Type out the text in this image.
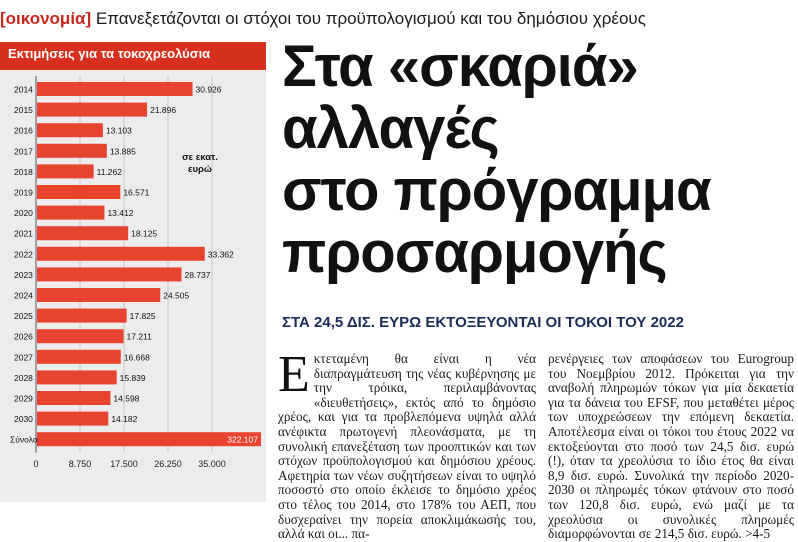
[οικονομία] Επανεξετάζονται οι στόχοι του προϋπολογισμού και του δημόσιου χρέους
0	8.750 17.500 26.250 35.000
2014	30.926
2015	21.896
2016	13.103
2017	13.885
2018	11.262
2019	16.571
2020	13.412
2021	18.125
2022	33.362
2023	28.737
2024	24.505
2025	17.825
2026	17.211
2027	16.668
2028	15.839
2029	14.598
2030	14.182
Σύνολο	322.107
σε εκατ.
ευρώ
Εκτιμήσεις για τα τοκοχρεολύσια Στα «σκαριά»
αλλαγές
στο πρόγραμμα
προσαρμογής
ΣΤΑ 24,5 ΔΙΣ. ΕΥΡΩ ΕΚΤΟΞΕΥΟΝΤΑΙ ΟΙ ΤΟΚΟΙ ΤΟΥ 2022
Ε κτεταμένη θα είναι η νέα διαπραγμάτευση της νέας κυβέρνησης με την τρόικα, περιλαμβάνοντας «διευθετήσεις», εκτός από το δημόσιο χρέος, και για τα προβλεπόμενα υψηλά αλλά ανέφικτα πρωτογενή πλεονάσματα, με τη συνολική επανεξέταση των προοπτικών και των στόχων προϋπολογισμού και δημόσιου χρέους. Αφετηρία των νέων συζητήσεων είναι το υψηλό ποσοστό στο οποίο έκλεισε το δημόσιο χρέος στο τέλος του 2014, στο 178% του ΑΕΠ, που δυσχεραίνει την πορεία αποκλιμάκωσής του, αλλά και οι... πα-
ρενέργειες των αποφάσεων του Eurogroup του Νοεμβρίου 2012. Πρόκειται για την αναβολή πληρωμών τόκων για μία δεκαετία για τα δάνεια του EFSF, που μεταθέτει μέρος των υποχρεώσεων την επόμενη δεκαετία. Αποτέλεσμα είναι οι τόκοι του έτους 2022 να εκτοξεύονται στο ποσό των 24,5 δισ. ευρώ (!), όταν τα χρεολύσια το ίδιο έτος θα είναι 8,9 δισ. ευρώ. Συνολικά την περίοδο 2020-2030 οι πληρωμές τόκων φτάνουν στο ποσό των 120,8 δισ. ευρώ, ενώ μαζί με τα χρεολύσια οι συνολικές πληρωμές διαμορφώνονται σε 214,5 δισ. ευρώ. >4-5
